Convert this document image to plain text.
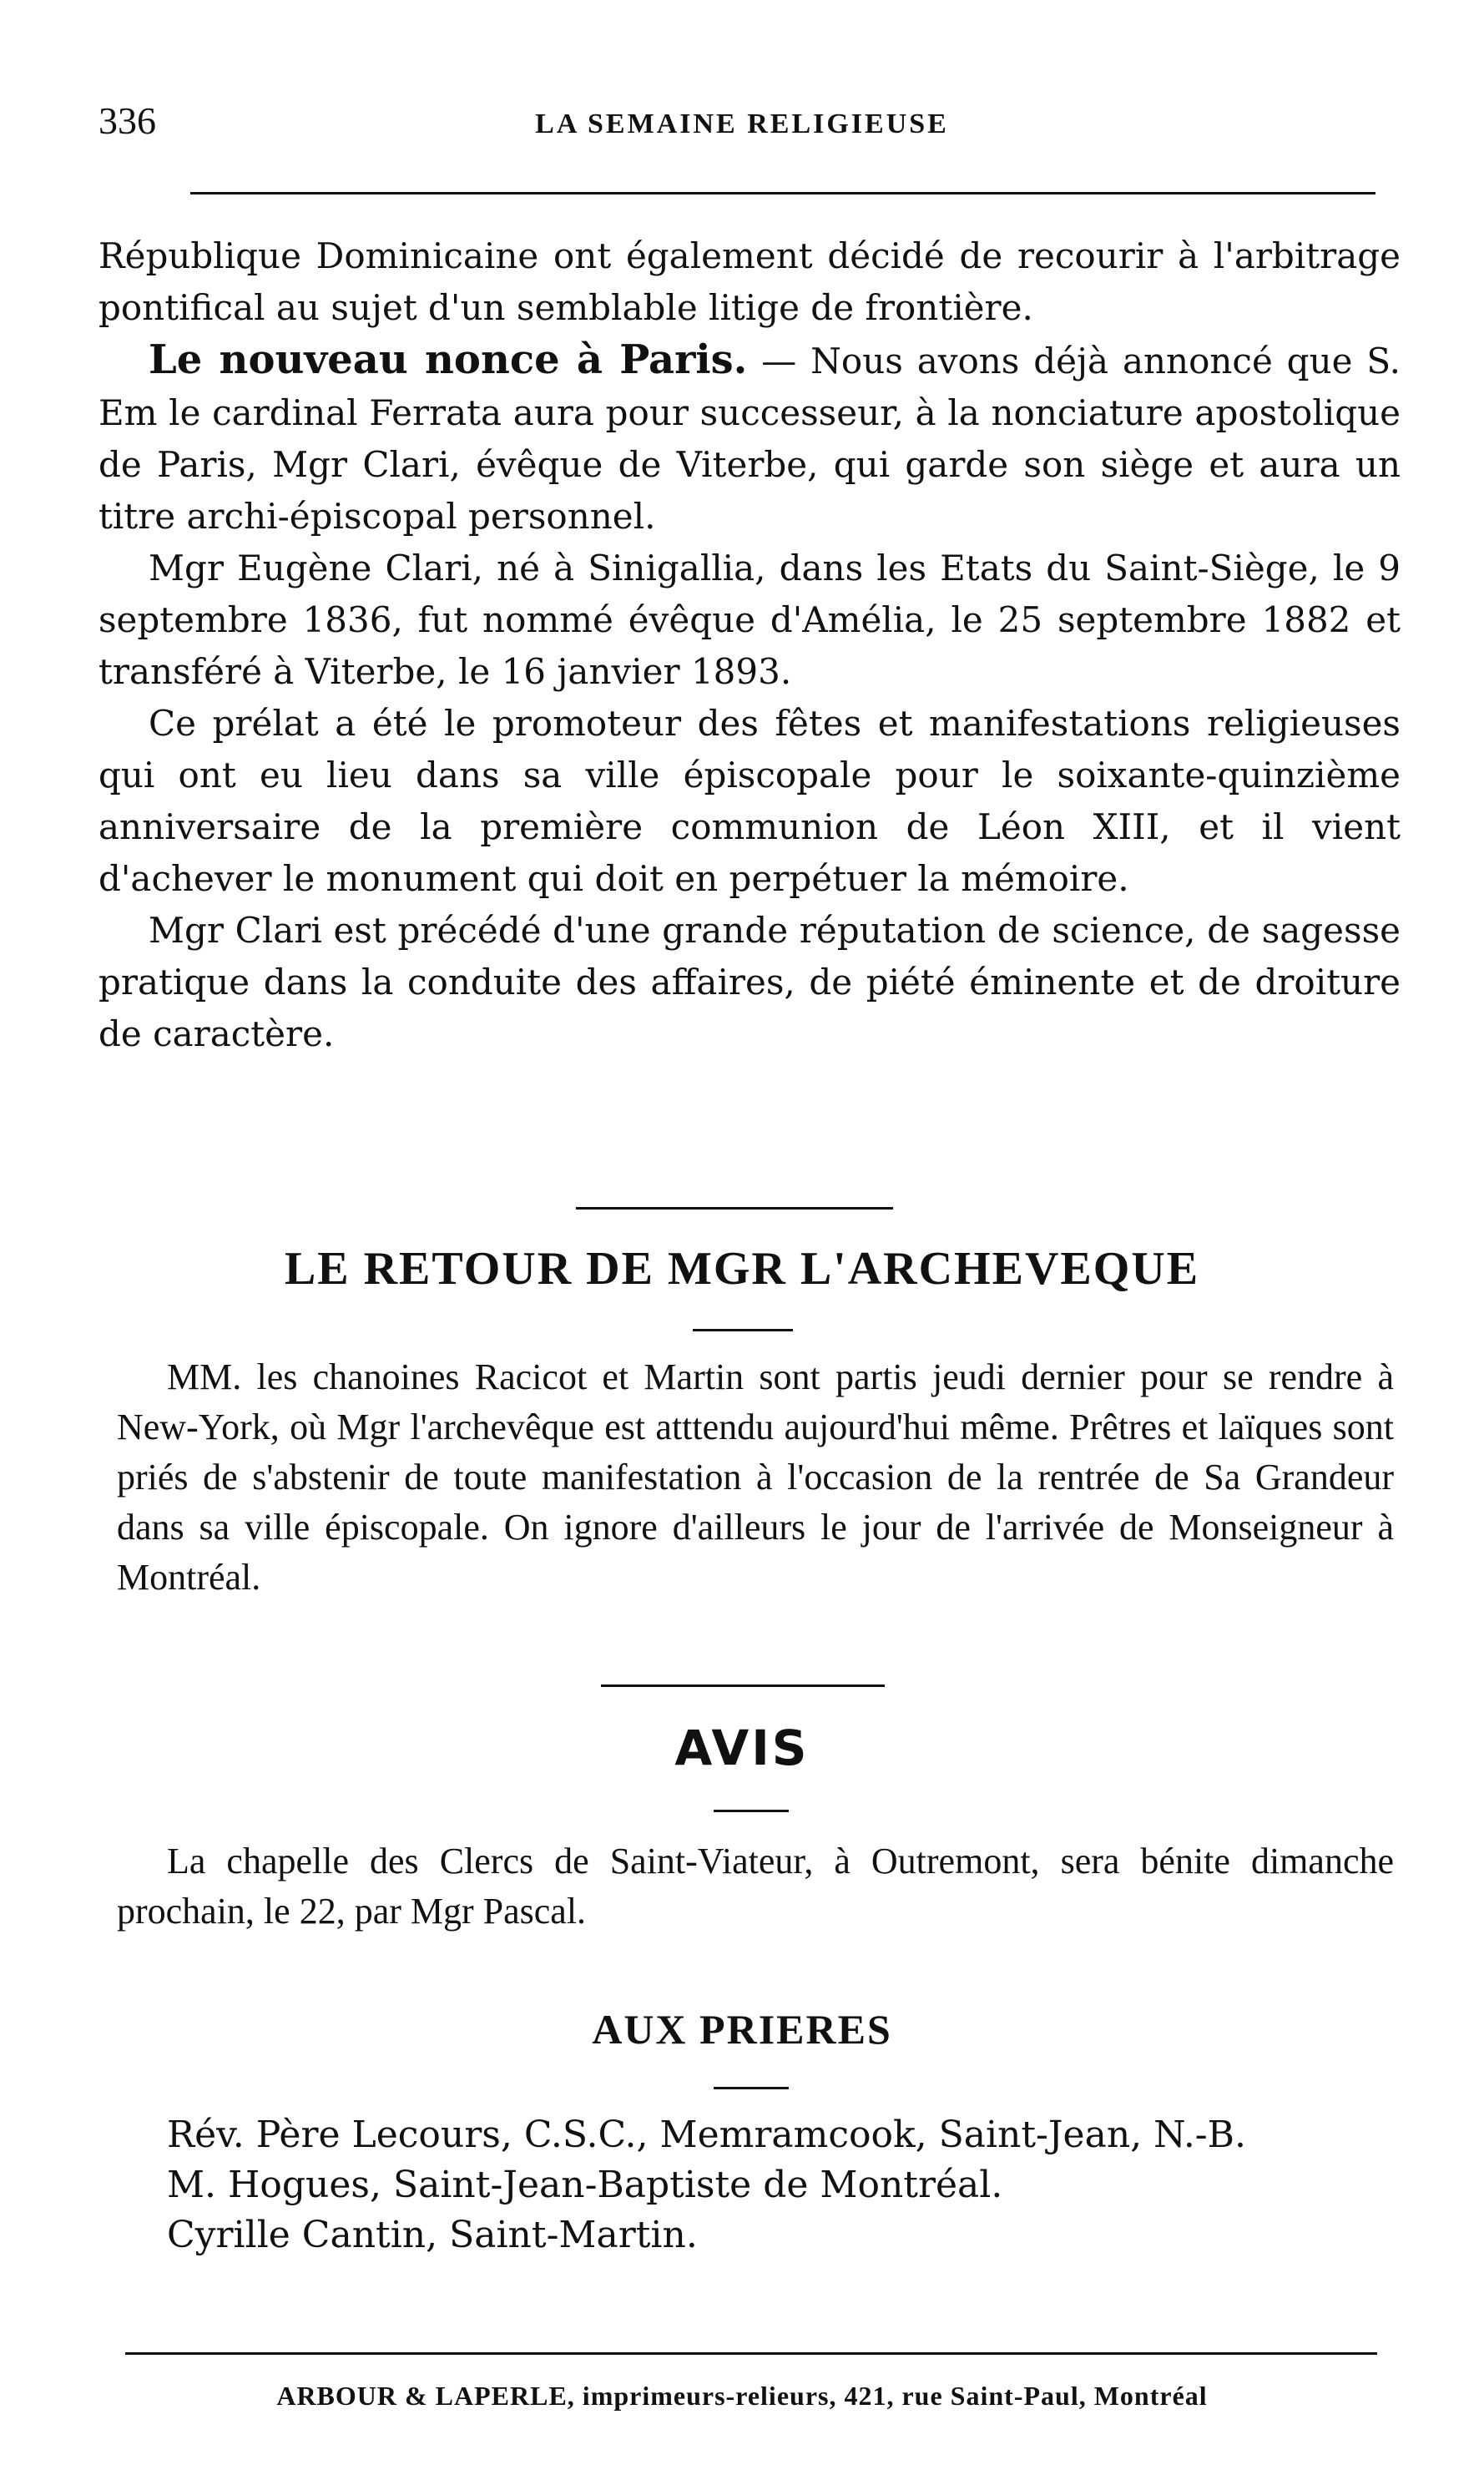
336	LA SEMAINE RELIGIEUSE

République Dominicaine ont également décidé de recourir à l'arbitrage pontifical au sujet d'un semblable litige de frontière.

Le nouveau nonce à Paris. — Nous avons déjà annoncé que S. Em le cardinal Ferrata aura pour successeur, à la nonciature apostolique de Paris, Mgr Clari, évêque de Viterbe, qui garde son siège et aura un titre archi-épiscopal personnel.

Mgr Eugène Clari, né à Sinigallia, dans les Etats du Saint-Siège, le 9 septembre 1836, fut nommé évêque d'Amélia, le 25 septembre 1882 et transféré à Viterbe, le 16 janvier 1893.

Ce prélat a été le promoteur des fêtes et manifestations religieuses qui ont eu lieu dans sa ville épiscopale pour le soixante-quinzième anniversaire de la première communion de Léon XIII, et il vient d'achever le monument qui doit en perpétuer la mémoire.

Mgr Clari est précédé d'une grande réputation de science, de sagesse pratique dans la conduite des affaires, de piété éminente et de droiture de caractère.

LE RETOUR DE MGR L'ARCHEVEQUE

MM. les chanoines Racicot et Martin sont partis jeudi dernier pour se rendre à New-York, où Mgr l'archevêque est atttendu aujourd'hui même. Prêtres et laïques sont priés de s'abstenir de toute manifestation à l'occasion de la rentrée de Sa Grandeur dans sa ville épiscopale. On ignore d'ailleurs le jour de l'arrivée de Monseigneur à Montréal.

AVIS

La chapelle des Clercs de Saint-Viateur, à Outremont, sera bénite dimanche prochain, le 22, par Mgr Pascal.

AUX PRIERES
Rév. Père Lecours, C.S.C., Memramcook, Saint-Jean, N.-B.
M. Hogues, Saint-Jean-Baptiste de Montréal.
Cyrille Cantin, Saint-Martin.
ARBOUR & LAPERLE, imprimeurs-relieurs, 421, rue Saint-Paul, Montréal
